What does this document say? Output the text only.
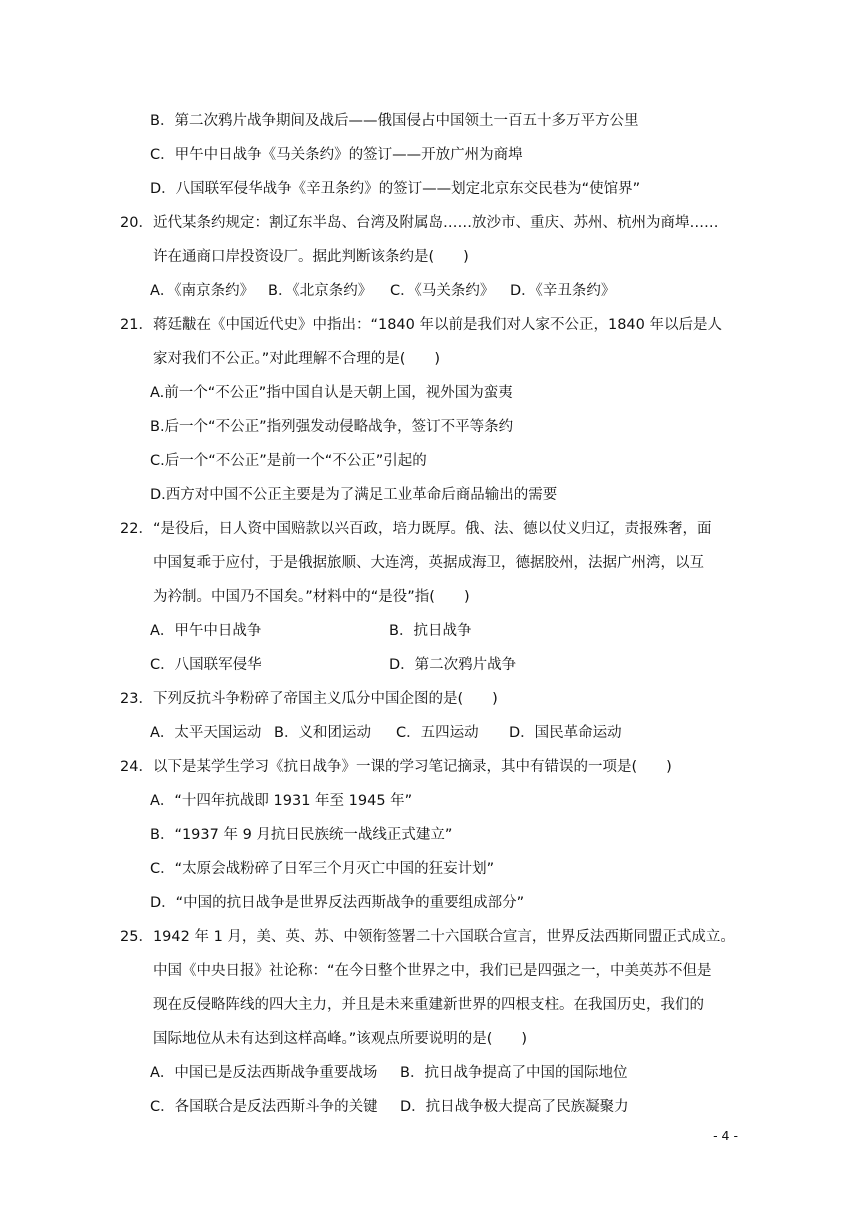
B．第二次鸦片战争期间及战后——俄国侵占中国领土一百五十多万平方公里
C．甲午中日战争《马关条约》的签订——开放广州为商埠
D．八国联军侵华战争《辛丑条约》的签订——划定北京东交民巷为“使馆界”
20．近代某条约规定：割辽东半岛、台湾及附属岛……放沙市、重庆、苏州、杭州为商埠……
许在通商口岸投资设厂。据此判断该条约是(　　)
A．《南京条约》 B．《北京条约》 C．《马关条约》 D．《辛丑条约》
21．蒋廷黻在《中国近代史》中指出：“1840 年以前是我们对人家不公正，1840 年以后是人
家对我们不公正。”对此理解不合理的是(　　)
A.前一个“不公正”指中国自认是天朝上国，视外国为蛮夷
B.后一个“不公正”指列强发动侵略战争，签订不平等条约
C.后一个“不公正”是前一个“不公正”引起的
D.西方对中国不公正主要是为了满足工业革命后商品输出的需要
22．“是役后，日人资中国赔款以兴百政，培力既厚。俄、法、德以仗义归辽，责报殊奢，面
中国复乖于应付，于是俄据旅顺、大连湾，英据成海卫，德据胶州，法据广州湾，以互
为衿制。中国乃不国矣。”材料中的“是役”指(　　)
A．甲午中日战争	B．抗日战争
C．八国联军侵华	D．第二次鸦片战争
23．下列反抗斗争粉碎了帝国主义瓜分中国企图的是(　　)
A．太平天国运动 B．义和团运动 C．五四运动 D．国民革命运动
24．以下是某学生学习《抗日战争》一课的学习笔记摘录，其中有错误的一项是(　　)
A．“十四年抗战即 1931 年至 1945 年”
B．“1937 年 9 月抗日民族统一战线正式建立”
C．“太原会战粉碎了日军三个月灭亡中国的狂妄计划”
D．“中国的抗日战争是世界反法西斯战争的重要组成部分”
25．1942 年 1 月，美、英、苏、中领衔签署二十六国联合宣言，世界反法西斯同盟正式成立。
中国《中央日报》社论称：“在今日整个世界之中，我们已是四强之一，中美英苏不但是
现在反侵略阵线的四大主力，并且是未来重建新世界的四根支柱。在我国历史，我们的
国际地位从未有达到这样高峰。”该观点所要说明的是(　　)
A．中国已是反法西斯战争重要战场 B．抗日战争提高了中国的国际地位
C．各国联合是反法西斯斗争的关键 D．抗日战争极大提高了民族凝聚力
- 4 -
